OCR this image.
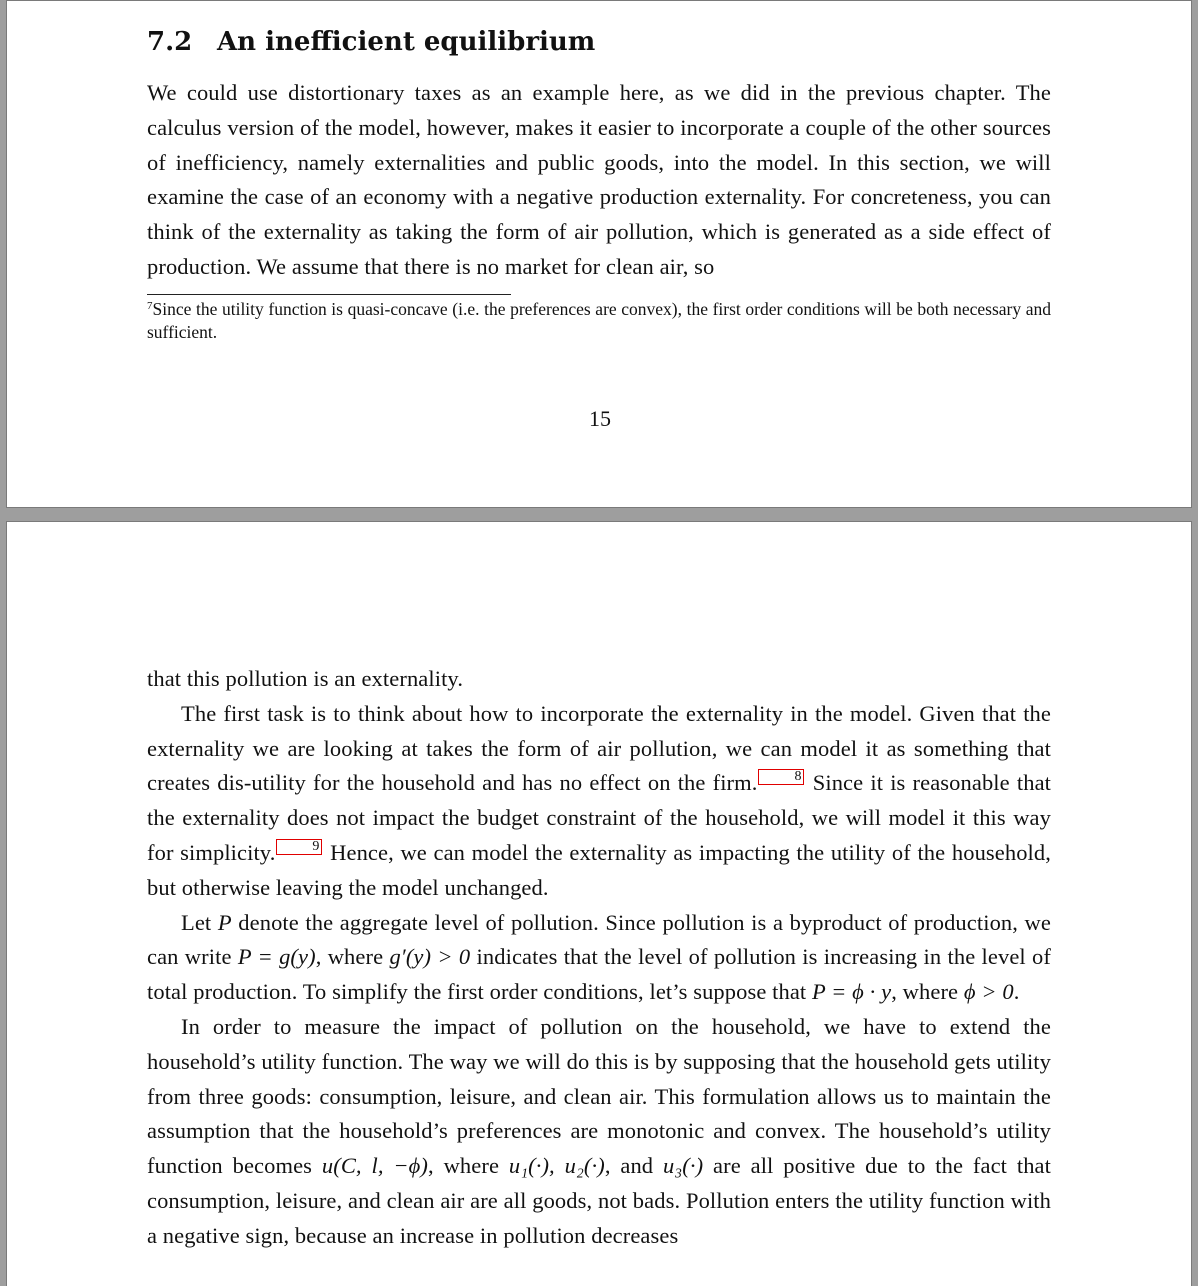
7.2 An inefficient equilibrium

We could use distortionary taxes as an example here, as we did in the previous chapter. The calculus version of the model, however, makes it easier to incorporate a couple of the other sources of inefficiency, namely externalities and public goods, into the model. In this section, we will examine the case of an economy with a negative production externality. For concreteness, you can think of the externality as taking the form of air pollution, which is generated as a side effect of production. We assume that there is no market for clean air, so

$^7$Since the utility function is quasi-concave (i.e. the preferences are convex), the first order conditions will be both necessary and sufficient.

15

that this pollution is an externality.

The first task is to think about how to incorporate the externality in the model. Given that the externality we are looking at takes the form of air pollution, we can model it as something that creates dis-utility for the household and has no effect on the firm.	8 Since it is reasonable that the externality does not impact the budget constraint of the household, we will model it this way for simplicity.	9 Hence, we can model the externality as impacting the utility of the household, but otherwise leaving the model unchanged.

Let P denote the aggregate level of pollution. Since pollution is a byproduct of production, we can write P = g(y), where g′(y) > 0 indicates that the level of pollution is increasing in the level of total production. To simplify the first order conditions, let’s suppose that P = ϕ · y, where ϕ > 0.

In order to measure the impact of pollution on the household, we have to extend the household’s utility function. The way we will do this is by supposing that the household gets utility from three goods: consumption, leisure, and clean air. This formulation allows us to maintain the assumption that the household’s preferences are monotonic and convex. The household’s utility function becomes u(C, l, −ϕ), where u₁(·), u₂(·), and u₃(·) are all positive due to the fact that consumption, leisure, and clean air are all goods, not bads. Pollution enters the utility function with a negative sign, because an increase in pollution decreases
